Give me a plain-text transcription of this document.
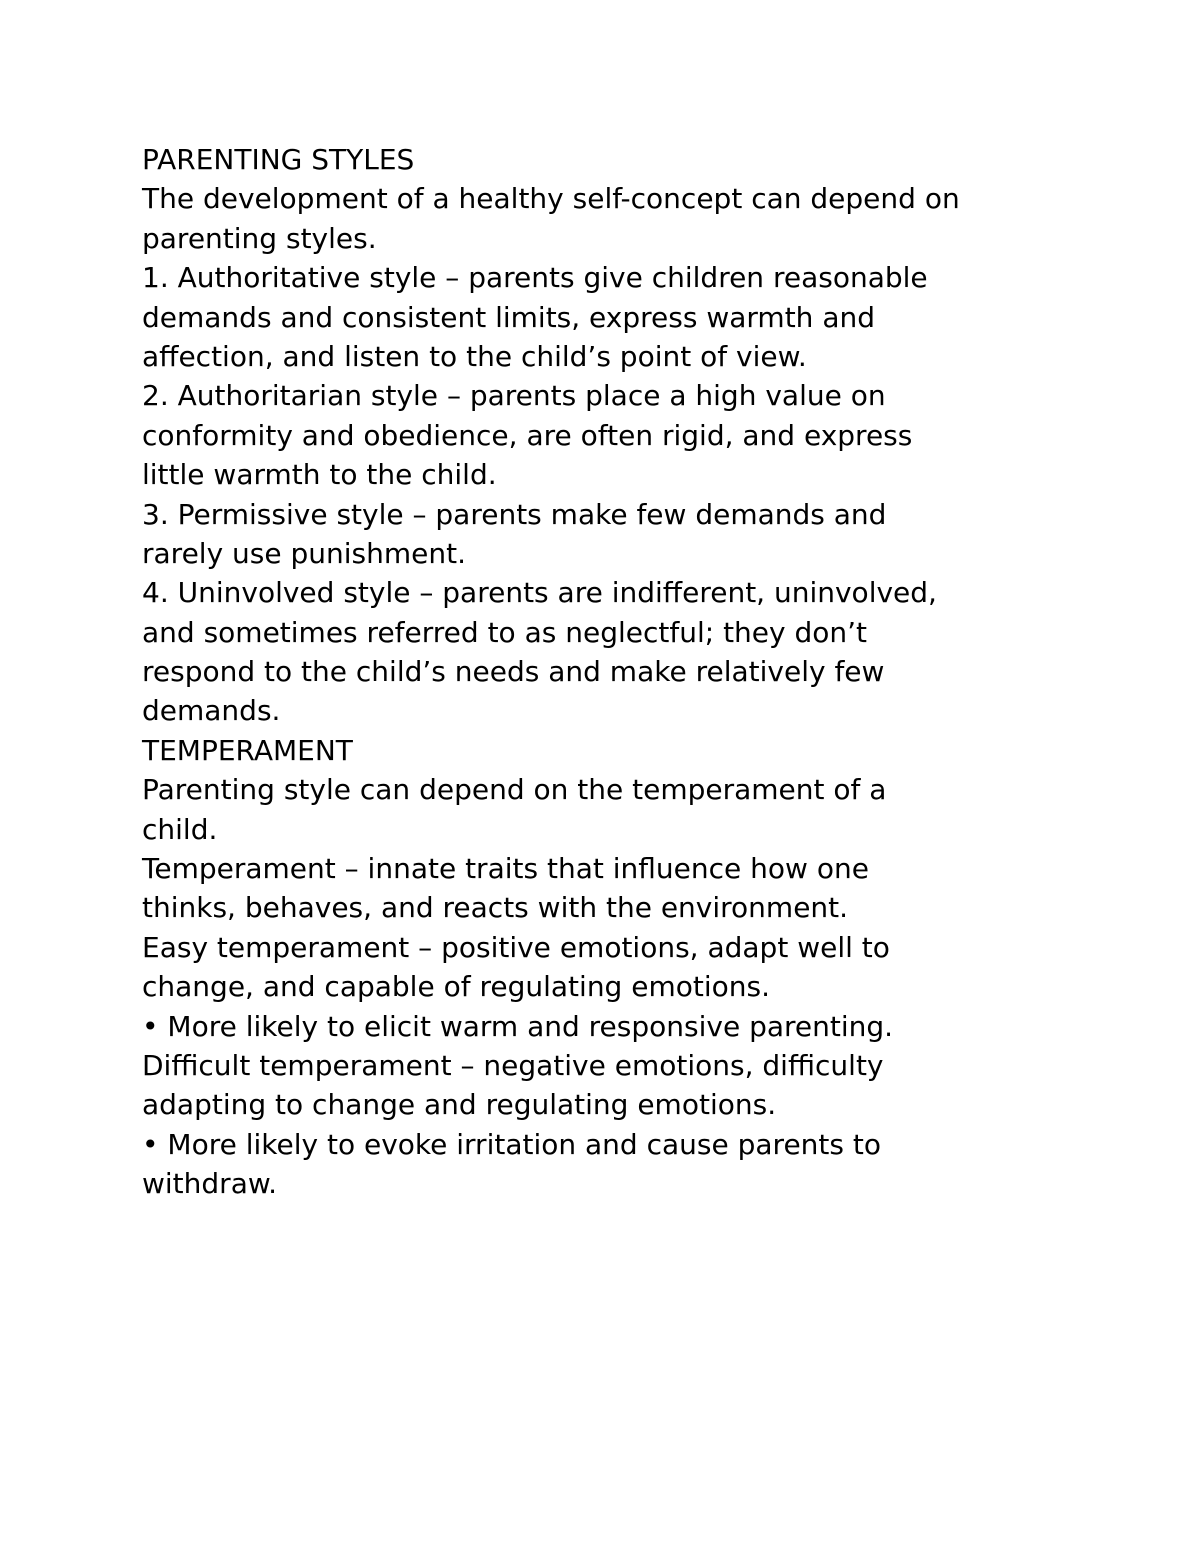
PARENTING STYLES
The development of a healthy self-concept can depend on
parenting styles.
1. Authoritative style – parents give children reasonable
demands and consistent limits, express warmth and
affection, and listen to the child’s point of view.
2. Authoritarian style – parents place a high value on
conformity and obedience, are often rigid, and express
little warmth to the child.
3. Permissive style – parents make few demands and
rarely use punishment.
4. Uninvolved style – parents are indifferent, uninvolved,
and sometimes referred to as neglectful; they don’t
respond to the child’s needs and make relatively few
demands.
TEMPERAMENT
Parenting style can depend on the temperament of a
child.
Temperament – innate traits that influence how one
thinks, behaves, and reacts with the environment.
Easy temperament – positive emotions, adapt well to
change, and capable of regulating emotions.
• More likely to elicit warm and responsive parenting.
Difficult temperament – negative emotions, difficulty
adapting to change and regulating emotions.
• More likely to evoke irritation and cause parents to
withdraw.
